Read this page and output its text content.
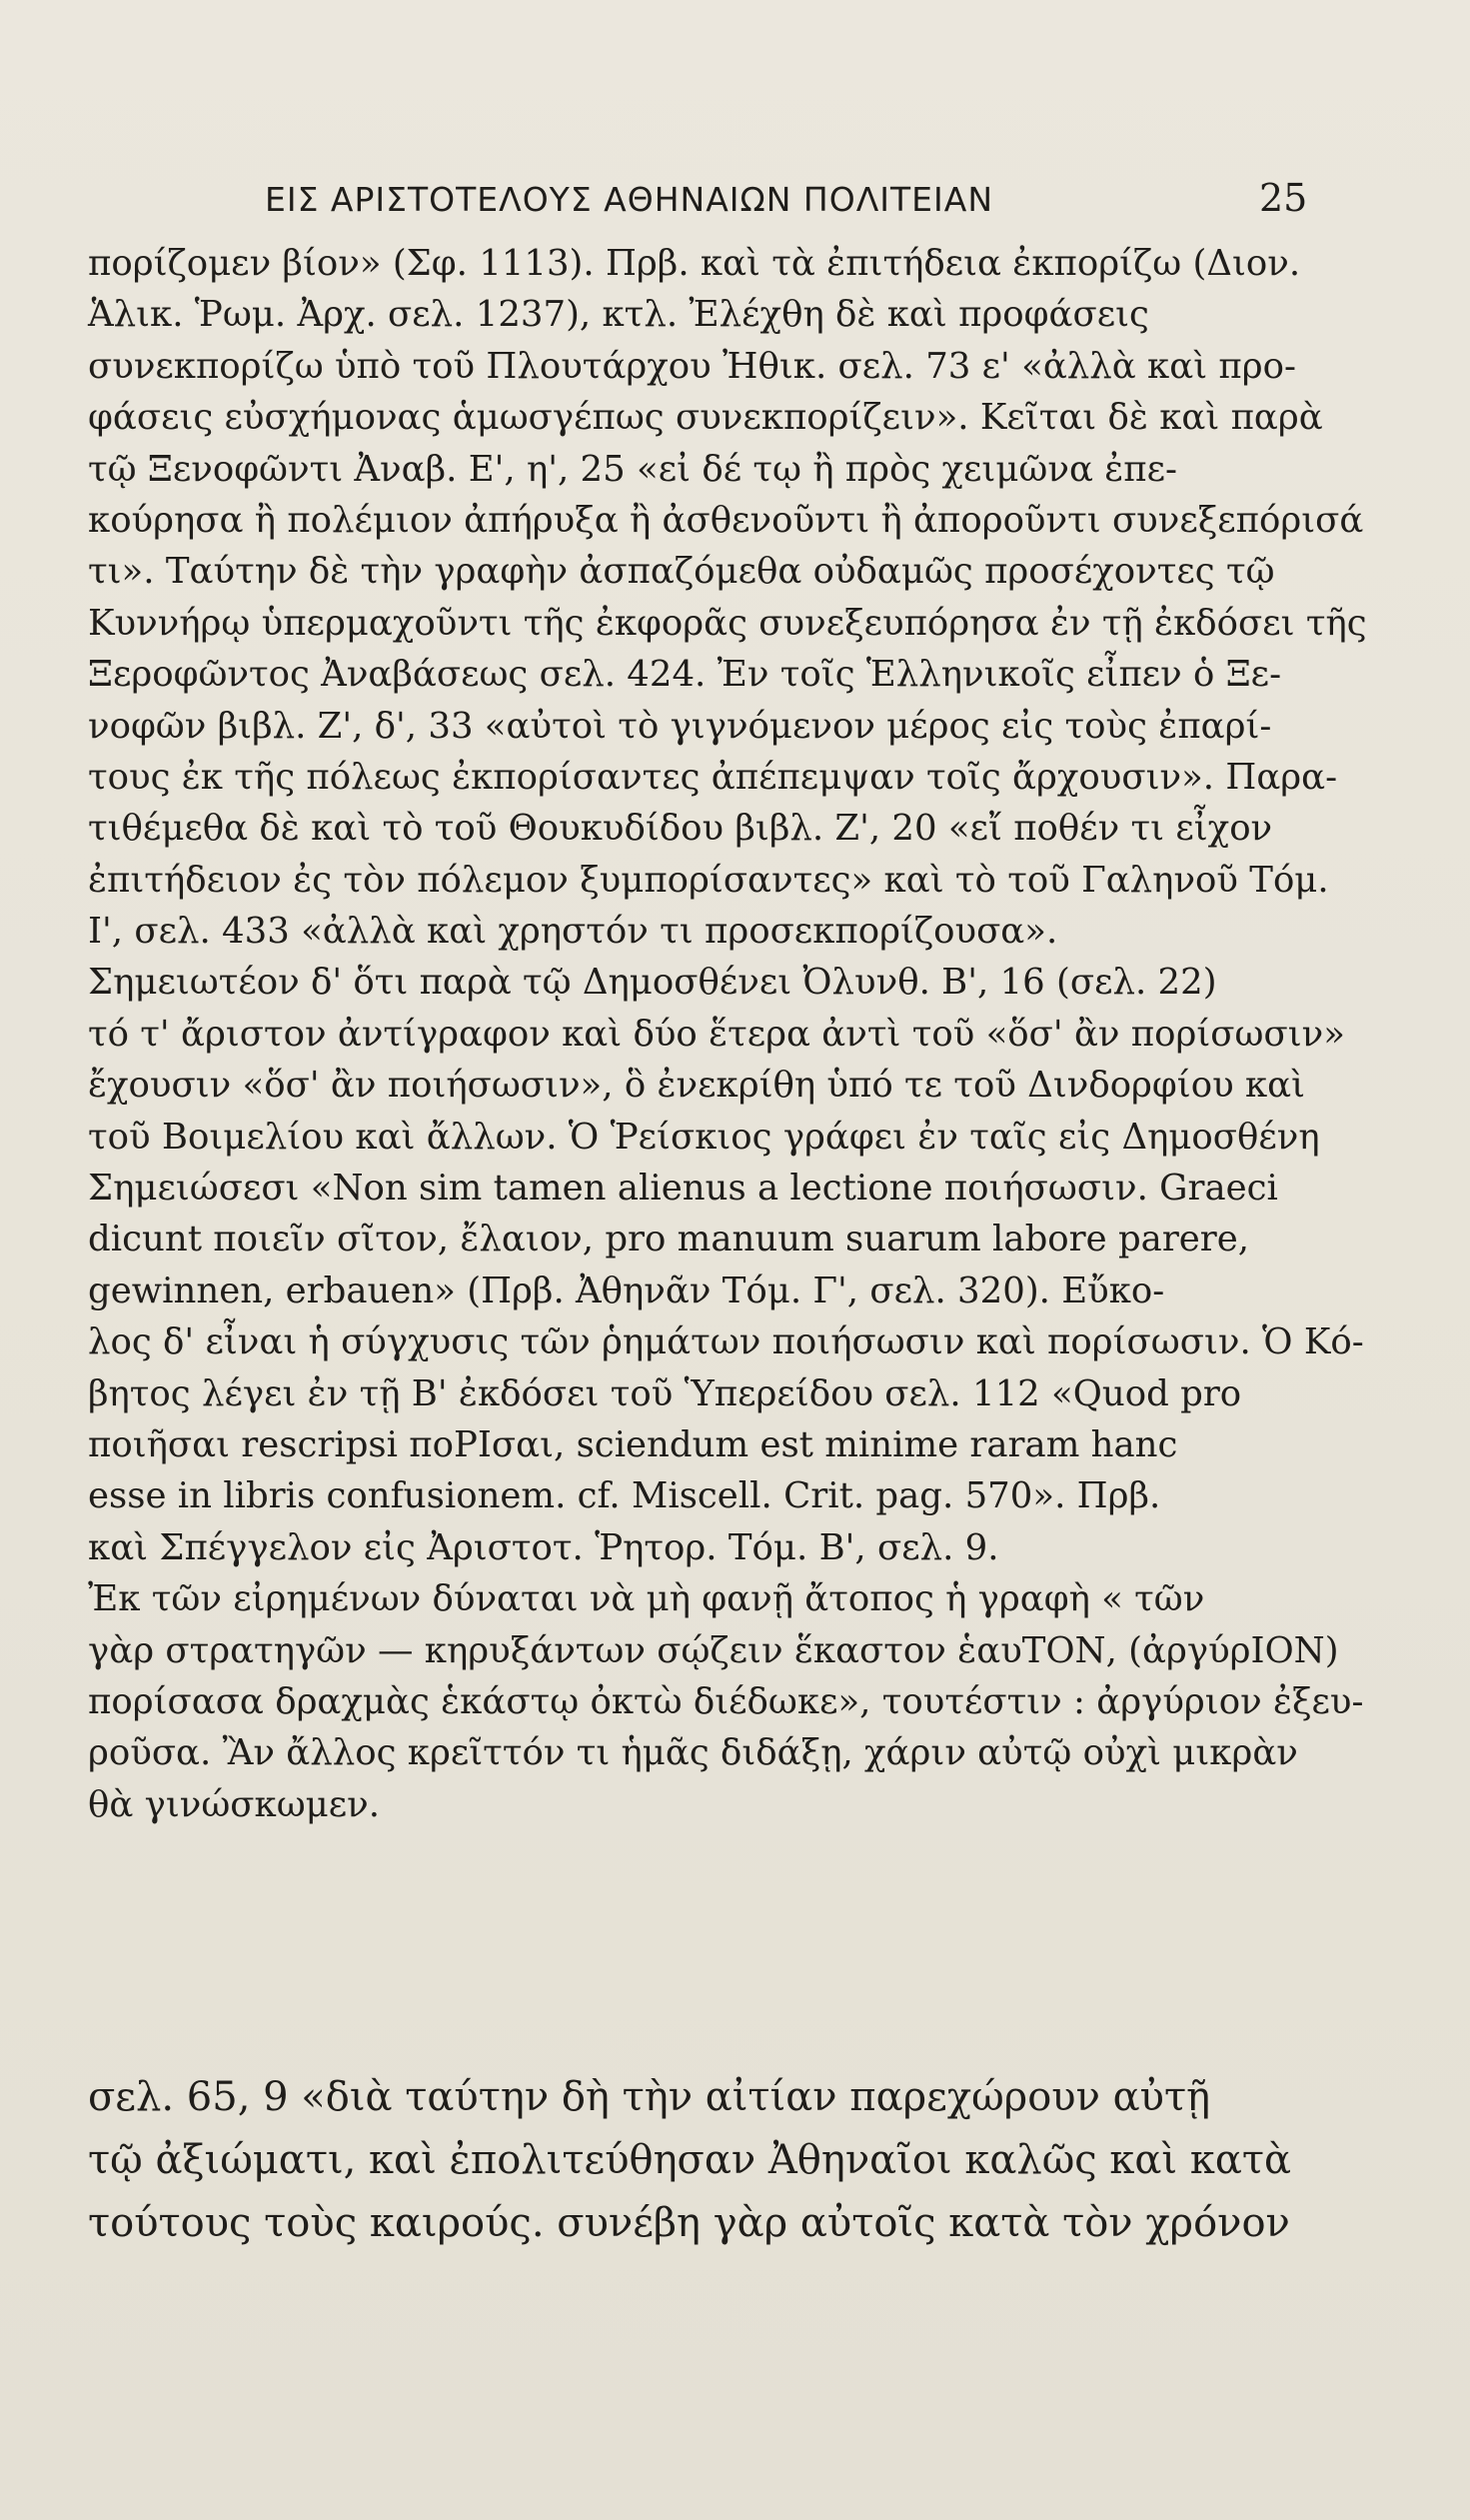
ΕΙΣ ΑΡΙΣΤΟΤΕΛΟΥΣ ΑΘΗΝΑΙΩΝ ΠΟΛΙΤΕΙΑΝ	25
πορίζομεν βίον» (Σφ. 1113). Πρβ. καὶ τὰ ἐπιτήδεια ἐκπορίζω (Διον.
Ἁλικ. Ῥωμ. Ἀρχ. σελ. 1237), κτλ. Ἐλέχθη δὲ καὶ προφάσεις
συνεκπορίζω ὑπὸ τοῦ Πλουτάρχου Ἠθικ. σελ. 73 ε' «ἀλλὰ καὶ προ-
φάσεις εὐσχήμονας ἁμωσγέπως συνεκπορίζειν». Κεῖται δὲ καὶ παρὰ
τῷ Ξενοφῶντι Ἀναβ. Ε', η', 25 «εἰ δέ τῳ ἢ πρὸς χειμῶνα ἐπε-
κούρησα ἢ πολέμιον ἀπήρυξα ἢ ἀσθενοῦντι ἢ ἀποροῦντι συνεξεπόρισά
τι». Ταύτην δὲ τὴν γραφὴν ἀσπαζόμεθα οὐδαμῶς προσέχοντες τῷ
Κυννήρῳ ὑπερμαχοῦντι τῆς ἐκφορᾶς συνεξευπόρησα ἐν τῇ ἐκδόσει τῆς
Ξεροφῶντος Ἀναβάσεως σελ. 424. Ἐν τοῖς Ἑλληνικοῖς εἶπεν ὁ Ξε-
νοφῶν βιβλ. Ζ', δ', 33 «αὐτοὶ τὸ γιγνόμενον μέρος εἰς τοὺς ἐπαρί-
τους ἐκ τῆς πόλεως ἐκπορίσαντες ἀπέπεμψαν τοῖς ἄρχουσιν». Παρα-
τιθέμεθα δὲ καὶ τὸ τοῦ Θουκυδίδου βιβλ. Ζ', 20 «εἴ ποθέν τι εἶχον
ἐπιτήδειον ἐς τὸν πόλεμον ξυμπορίσαντες» καὶ τὸ τοῦ Γαληνοῦ Τόμ.
Ι', σελ. 433 «ἀλλὰ καὶ χρηστόν τι προσεκπορίζουσα».
Σημειωτέον δ' ὅτι παρὰ τῷ Δημοσθένει Ὀλυνθ. Β', 16 (σελ. 22)
τό τ' ἄριστον ἀντίγραφον καὶ δύο ἕτερα ἀντὶ τοῦ «ὅσ' ἂν πορίσωσιν»
ἔχουσιν «ὅσ' ἂν ποιήσωσιν», ὃ ἐνεκρίθη ὑπό τε τοῦ Δινδορφίου καὶ
τοῦ Βοιμελίου καὶ ἄλλων. Ὁ Ῥείσκιος γράφει ἐν ταῖς εἰς Δημοσθένη
Σημειώσεσι «Non sim tamen alienus a lectione ποιήσωσιν. Graeci
dicunt ποιεῖν σῖτον, ἔλαιον, pro manuum suarum labore parere,
gewinnen, erbauen» (Πρβ. Ἀθηνᾶν Τόμ. Γ', σελ. 320). Εὔκο-
λος δ' εἶναι ἡ σύγχυσις τῶν ῥημάτων ποιήσωσιν καὶ πορίσωσιν. Ὁ Κό-
βητος λέγει ἐν τῇ Β' ἐκδόσει τοῦ Ὑπερείδου σελ. 112 «Quod pro
ποιῆσαι rescripsi ποΡΙσαι, sciendum est minime raram hanc
esse in libris confusionem. cf. Miscell. Crit. pag. 570». Πρβ.
καὶ Σπέγγελον εἰς Ἀριστοτ. Ῥητορ. Τόμ. Β', σελ. 9.
Ἐκ τῶν εἰρημένων δύναται νὰ μὴ φανῇ ἄτοπος ἡ γραφὴ « τῶν
γὰρ στρατηγῶν — κηρυξάντων σῴζειν ἕκαστον ἑαυΤΟΝ, (ἀργύρΙΟΝ)
πορίσασα δραχμὰς ἑκάστῳ ὀκτὼ διέδωκε», τουτέστιν : ἀργύριον ἐξευ-
ροῦσα. Ἂν ἄλλος κρεῖττόν τι ἡμᾶς διδάξῃ, χάριν αὐτῷ οὐχὶ μικρὰν
θὰ γινώσκωμεν.
σελ. 65, 9 «διὰ ταύτην δὴ τὴν αἰτίαν παρεχώρουν αὐτῇ
τῷ ἀξιώματι, καὶ ἐπολιτεύθησαν Ἀθηναῖοι καλῶς καὶ κατὰ
τούτους τοὺς καιρούς. συνέβη γὰρ αὐτοῖς κατὰ τὸν χρόνον
